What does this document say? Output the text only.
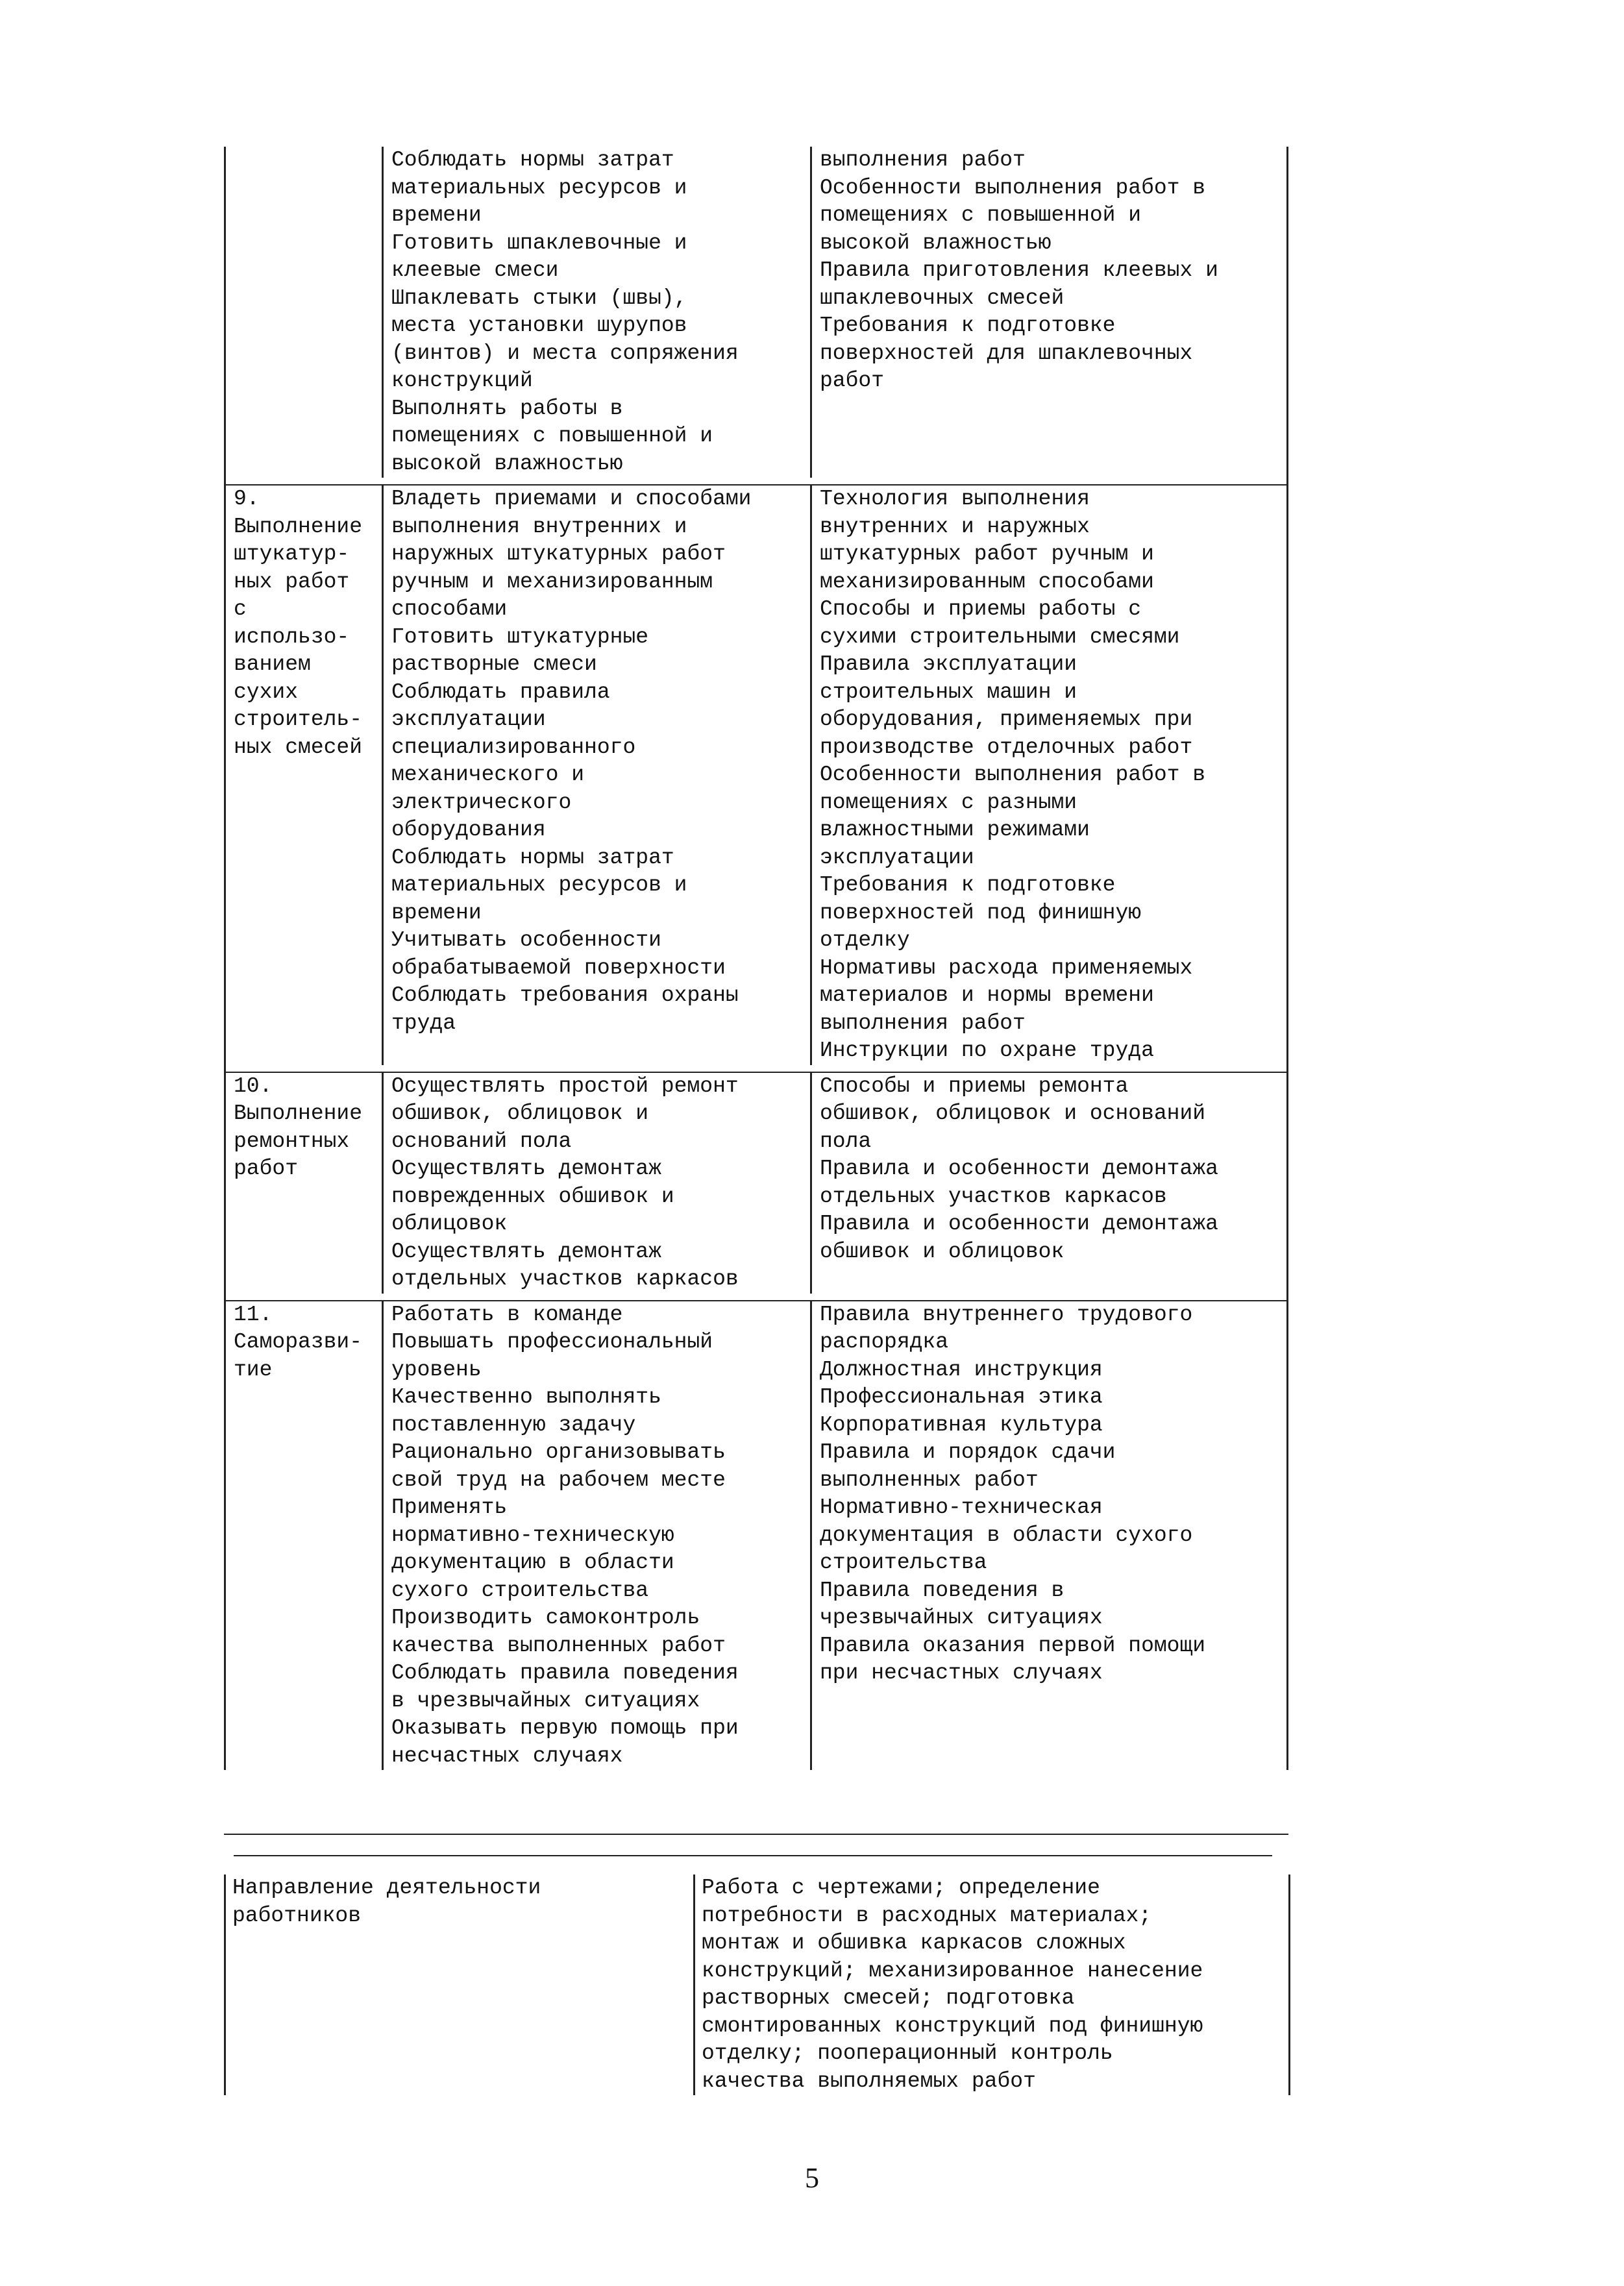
Соблюдать нормы затрат
материальных ресурсов и
времени
Готовить шпаклевочные и
клеевые смеси
Шпаклевать стыки (швы),
места установки шурупов
(винтов) и места сопряжения
конструкций
Выполнять работы в
помещениях с повышенной и
высокой влажностью
выполнения работ
Особенности выполнения работ в
помещениях с повышенной и
высокой влажностью
Правила приготовления клеевых и
шпаклевочных смесей
Требования к подготовке
поверхностей для шпаклевочных
работ
9.
Выполнение
штукатур-
ных работ
с
использо-
ванием
сухих
строитель-
ных смесей
Владеть приемами и способами
выполнения внутренних и
наружных штукатурных работ
ручным и механизированным
способами
Готовить штукатурные
растворные смеси
Соблюдать правила
эксплуатации
специализированного
механического и
электрического
оборудования
Соблюдать нормы затрат
материальных ресурсов и
времени
Учитывать особенности
обрабатываемой поверхности
Соблюдать требования охраны
труда
Технология выполнения
внутренних и наружных
штукатурных работ ручным и
механизированным способами
Способы и приемы работы с
сухими строительными смесями
Правила эксплуатации
строительных машин и
оборудования, применяемых при
производстве отделочных работ
Особенности выполнения работ в
помещениях с разными
влажностными режимами
эксплуатации
Требования к подготовке
поверхностей под финишную
отделку
Нормативы расхода применяемых
материалов и нормы времени
выполнения работ
Инструкции по охране труда
10.
Выполнение
ремонтных
работ
Осуществлять простой ремонт
обшивок, облицовок и
оснований пола
Осуществлять демонтаж
поврежденных обшивок и
облицовок
Осуществлять демонтаж
отдельных участков каркасов
Способы и приемы ремонта
обшивок, облицовок и оснований
пола
Правила и особенности демонтажа
отдельных участков каркасов
Правила и особенности демонтажа
обшивок и облицовок
11.
Саморазви-
тие
Работать в команде
Повышать профессиональный
уровень
Качественно выполнять
поставленную задачу
Рационально организовывать
свой труд на рабочем месте
Применять
нормативно-техническую
документацию в области
сухого строительства
Производить самоконтроль
качества выполненных работ
Соблюдать правила поведения
в чрезвычайных ситуациях
Оказывать первую помощь при
несчастных случаях
Правила внутреннего трудового
распорядка
Должностная инструкция
Профессиональная этика
Корпоративная культура
Правила и порядок сдачи
выполненных работ
Нормативно-техническая
документация в области сухого
строительства
Правила поведения в
чрезвычайных ситуациях
Правила оказания первой помощи
при несчастных случаях
Направление деятельности
работников
Работа с чертежами; определение
потребности в расходных материалах;
монтаж и обшивка каркасов сложных
конструкций; механизированное нанесение
растворных смесей; подготовка
смонтированных конструкций под финишную
отделку; пооперационный контроль
качества выполняемых работ
5
